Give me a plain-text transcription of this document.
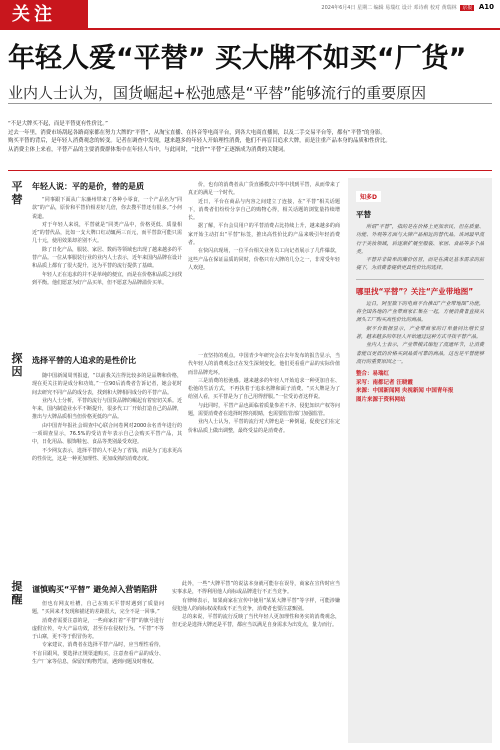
2024年6月4日 星期二 编辑 易瑞红 设计 邓诗莉 校对 黄瑞林 京报 A10
关注
年轻人爱“平替” 买大牌不如买“厂货”
业内人士认为，国货崛起+松弛感是“平替”能够流行的重要原因

“不是大牌买不起，而是平替更有性价比。”

过去一年里，消费市场刮起各路商家都在努力大牌的“平替”，从淘宝直播、在抖音等电商平台，到各大电商直播间，以及二手交易平台等，都有“平替”的身影。

购买平替的背后，是年轻人消费观念的转变。记者在调查中发现，越来越多的年轻人开始理性消费，他们不再盲目追求大牌，而是注重产品本身的品质和性价比。

从消费主体上来看，平替产品的主要消费群体集中在年轻人当中，与此同时，“比价”“平替”正逐渐成为消费的关键词。

平
替
年轻人说：平的是价，替的是质

“同事跟下面从广东廉州带来了各种小零食，一个产品名为“同款”的产品，原价和平替价相差好几倍，你去搜平替还有很多。”小何说道。

对于年轻人来说，平替就是“同类产品中，价格更低、质量相近”的替代品，比如一支大牌口红动辄两三百元，而平替款可能只需几十元，使用效果却差别不大。

除了日化产品，服装、家居、数码等领域也出现了越来越多的平替产品。一位从事服装行业的业内人士表示，近年来国内品牌在设计和品质上都有了很大提升，这为平替的流行提供了基础。

年轻人正在追求的并不是单纯的便宜，而是在价格和品质之间找到平衡。他们愿意为好产品买单，但不愿意为品牌溢价买单。

价，也有的消费者从广货直播模式中等中找到平替，从而带来了真正的满足一个时代。

近日，平台在商品与内容之间建立了连接，在“平替”相关话题下，消费者们纷纷分享自己的购物心得，相关话题的浏览量持续增长。

据了解，平台会员用户的平替消费占比持续上升，越来越多的商家开始主动打出“平替”标签，推出高性价比的产品来吸引年轻消费者。

在快闪店现场，一位平台相关业务员工向记者展示了几件爆款，这些产品在保证品质的同时，价格只有大牌的几分之一，非常受年轻人欢迎。

探
因
选择平替的人追求的是性价比

随中国新闻周刊报道，“以前我关注得比较多的是品牌和价格，现在更关注的是成分和功效。”一位90后消费者告诉记者，她会花时间去研究不同产品的成分表，找到和大牌相同成分的平替产品。

业内人士分析，平替的流行与国货品牌的崛起有着密切关系。近年来，国内制造业水平不断提升，很多代工厂开始打造自己的品牌，推出与大牌品质相当但价格更低的产品。

由中国青年报社会调查中心联合问卷网对2000余名青年进行的一项调查显示，76.5%的受访青年表示自己会购买平替产品，其中，日化用品、服饰鞋包、食品等类别最受欢迎。

不少网友表示，选择平替的人不是为了省钱，而是为了追求更高的性价比，这是一种更加理性、更加成熟的消费态度。

一直坚持的观点。中国青少年研究会在去年发布的报告显示，当代年轻人的消费观念正在发生深刻变化，他们更看重产品的实际价值而非品牌光环。

三是消费的松弛感。越来越多的年轻人开始追求一种更加自在、松弛的生活方式，不再执着于追求名牌和面子消费。“买大牌是为了给别人看，买平替是为了自己用得舒服。”一位受访者这样说。

与此同时，平替产品也面临着质量参差不齐、侵犯知识产权等问题，需要消费者在选择时擦亮眼睛，也需要监管部门加强监管。

业内人士认为，平替的流行对大牌也是一种倒逼，促使它们在定价和品质上做出调整，最终受益的是消费者。

提
醒
谨慎购买“平替” 避免掉入营销陷阱

但也有网友吐槽，自己在购买平替时遇到了质量问题，“买回来才发现和描述的差距很大，完全不是一回事。”

消费者需要注意的是，一些商家打着“平替”的旗号进行虚假宣传，夸大产品功效，甚至存在侵权行为。“平替”不等于山寨，更不等于假冒伪劣。

专家建议，消费者在选择平替产品时，应当理性看待，不盲目跟风，要选择正规渠道购买，注意查看产品的成分、生产厂家等信息，保留好购物凭证，遇到问题及时维权。

此外，一些“大牌平替”的说法本身就可能存在误导，商家在宣传时应当实事求是，不得利用他人商标或品牌进行不正当竞争。

有律师表示，如果商家在宣传中使用“某某大牌平替”等字样，可能涉嫌侵犯他人的商标权或构成不正当竞争，消费者也要注意甄别。

总的来说，平替的流行反映了当代年轻人更加理性和务实的消费观念，但无论是选择大牌还是平替，都应当以满足自身需求为出发点，量力而行。

知多D
平替

所谓“平替”，指的是在价格上更加亲民，但在质量、功能、外观等方面与大牌产品相近的替代品。该词最早流行于美妆领域，后逐渐扩展至服装、家居、食品等多个品类。

平替并非简单的廉价仿冒，而是在满足基本需求的前提下，为消费者提供更具性价比的选择。

哪里找“平替”？关注“产业带地图”

近日，阿里旗下的电商平台推出“产业带地图”功能，将全国各地的产业带商家汇集在一起，方便消费者直接从源头工厂购买高性价比的商品。

据平台数据显示，产业带商家的订单量同比增长显著，越来越多的年轻人开始通过这种方式寻找平替产品。

业内人士表示，产业带模式缩短了流通环节，让消费者能以更低的价格买到品质可靠的商品，这也是平替能够流行的重要原因之一。

整合：易瑞红
采写：南都记者 汪晓霞
来源：中国新闻网 央视新闻 中国青年报
图片来源于资料网站
